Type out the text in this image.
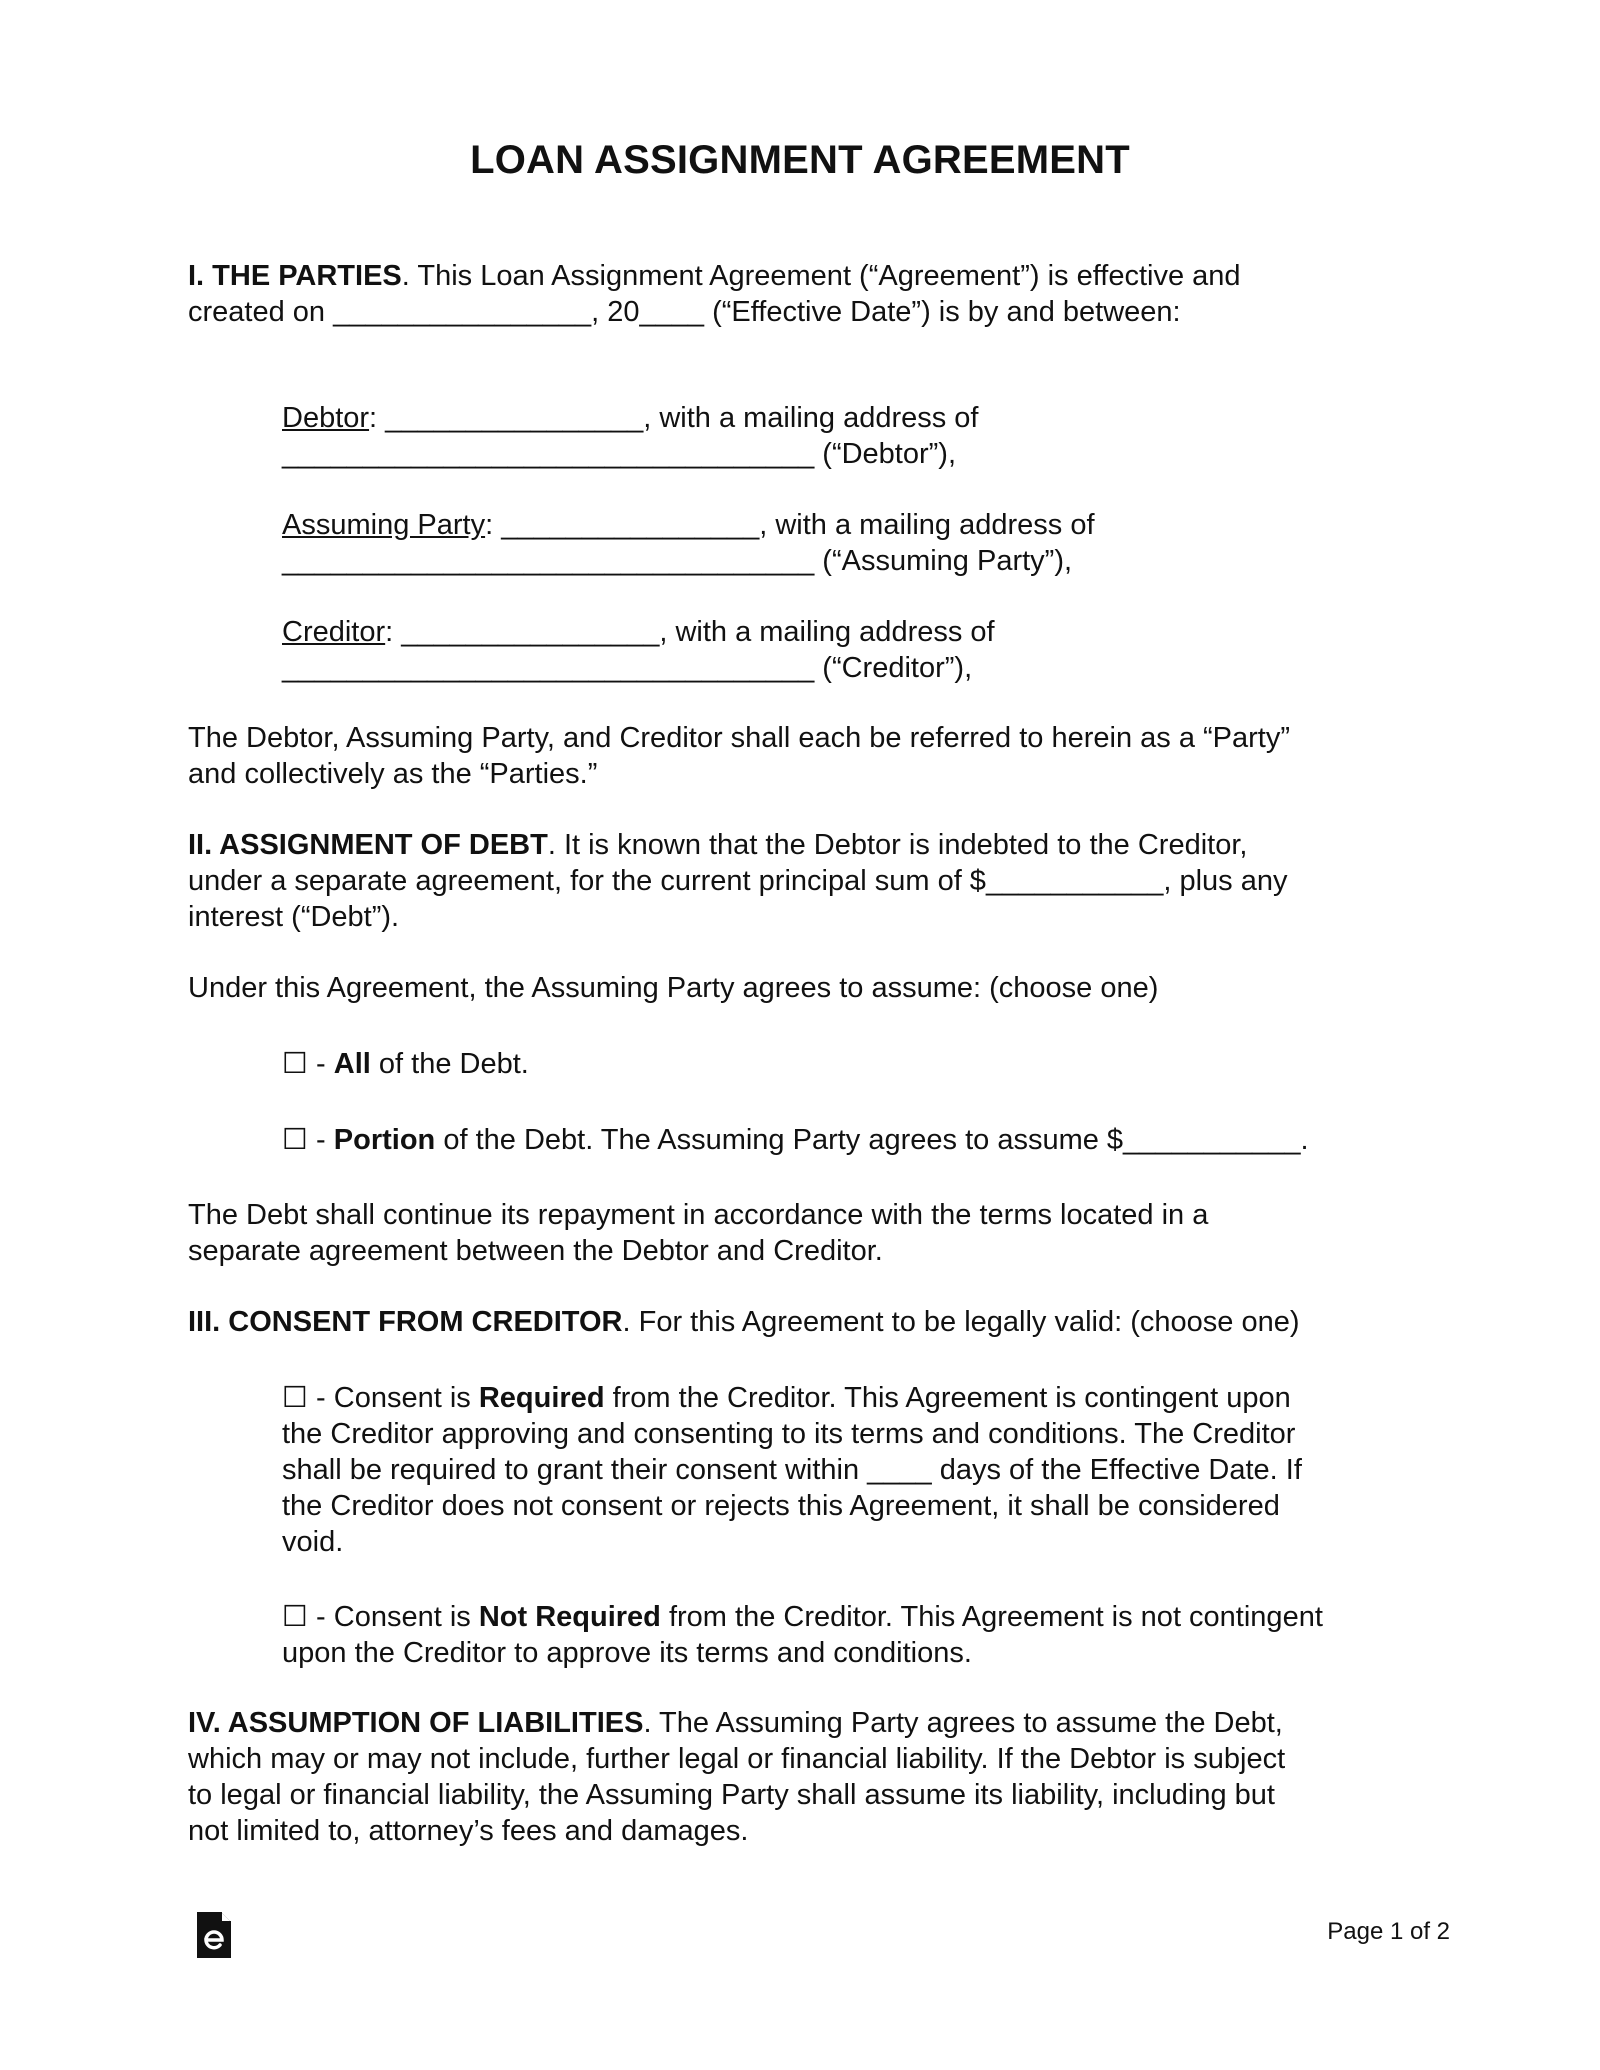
LOAN ASSIGNMENT AGREEMENT
I. THE PARTIES. This Loan Assignment Agreement (“Agreement”) is effective and
created on ________________, 20____ (“Effective Date”) is by and between:
Debtor: ________________, with a mailing address of
_________________________________ (“Debtor”),
Assuming Party: ________________, with a mailing address of
_________________________________ (“Assuming Party”),
Creditor: ________________, with a mailing address of
_________________________________ (“Creditor”),
The Debtor, Assuming Party, and Creditor shall each be referred to herein as a “Party”
and collectively as the “Parties.”
II. ASSIGNMENT OF DEBT. It is known that the Debtor is indebted to the Creditor,
under a separate agreement, for the current principal sum of $___________, plus any
interest (“Debt”).
Under this Agreement, the Assuming Party agrees to assume: (choose one)
☐ - All of the Debt.
☐ - Portion of the Debt. The Assuming Party agrees to assume $___________.
The Debt shall continue its repayment in accordance with the terms located in a
separate agreement between the Debtor and Creditor.
III. CONSENT FROM CREDITOR. For this Agreement to be legally valid: (choose one)
☐ - Consent is Required from the Creditor. This Agreement is contingent upon
the Creditor approving and consenting to its terms and conditions. The Creditor
shall be required to grant their consent within ____ days of the Effective Date. If
the Creditor does not consent or rejects this Agreement, it shall be considered
void.
☐ - Consent is Not Required from the Creditor. This Agreement is not contingent
upon the Creditor to approve its terms and conditions.
IV. ASSUMPTION OF LIABILITIES. The Assuming Party agrees to assume the Debt,
which may or may not include, further legal or financial liability. If the Debtor is subject
to legal or financial liability, the Assuming Party shall assume its liability, including but
not limited to, attorney’s fees and damages.
Page 1 of 2
